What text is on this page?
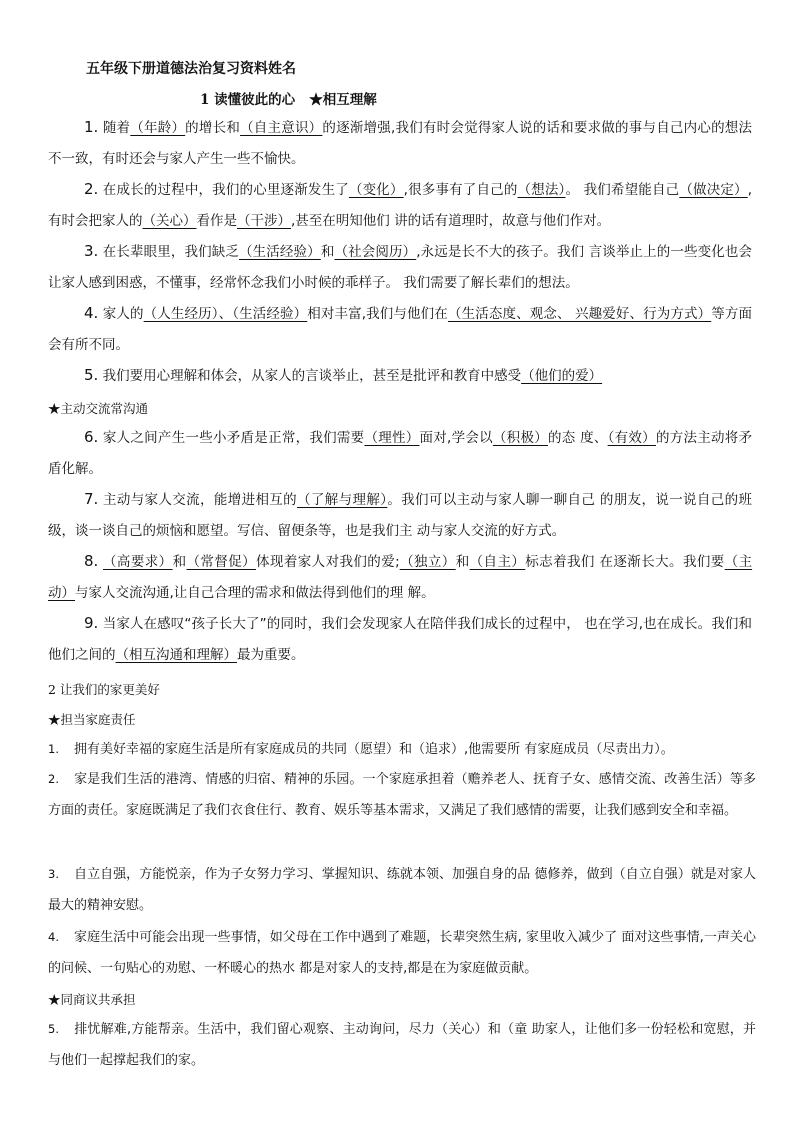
五年级下册道德法治复习资料姓名
1 读懂彼此的心 ★相互理解
1. 随着（年龄）的增长和（自主意识）的逐渐增强,我们有时会觉得家人说的话和要求做的事与自己内心的想法不一致，有时还会与家人产生一些不愉快。
2. 在成长的过程中，我们的心里逐渐发生了（变化）,很多事有了自己的（想法）。 我们希望能自己（做决定）,有时会把家人的（关心）看作是（干涉）,甚至在明知他们 讲的话有道理时，故意与他们作对。
3. 在长辈眼里，我们缺乏（生活经验）和（社会阅历）,永远是长不大的孩子。我们 言谈举止上的一些变化也会让家人感到困惑，不懂事，经常怀念我们小时候的乖样子。 我们需要了解长辈们的想法。
4. 家人的（人生经历）、（生活经验）相对丰富,我们与他们在（生活态度、观念、 兴趣爱好、行为方式）等方面会有所不同。
5. 我们要用心理解和体会，从家人的言谈举止，甚至是批评和教育中感受（他们的爱）
★主动交流常沟通
6. 家人之间产生一些小矛盾是正常，我们需要（理性）面对,学会以（积极）的态 度、（有效）的方法主动将矛盾化解。
7. 主动与家人交流，能增进相互的（了解与理解）。我们可以主动与家人聊一聊自己 的朋友，说一说自己的班级，谈一谈自己的烦恼和愿望。写信、留便条等，也是我们主 动与家人交流的好方式。
8. （高要求）和（常督促）体现着家人对我们的爱;（独立）和（自主）标志着我们 在逐渐长大。我们要（主动）与家人交流沟通,让自己合理的需求和做法得到他们的理 解。
9. 当家人在感叹“孩子长大了”的同时，我们会发现家人在陪伴我们成长的过程中， 也在学习,也在成长。我们和他们之间的（相互沟通和理解）最为重要。
2 让我们的家更美好
★担当家庭责任
1. 拥有美好幸福的家庭生活是所有家庭成员的共同（愿望）和（追求）,他需要所 有家庭成员（尽责出力）。
2. 家是我们生活的港湾、情感的归宿、精神的乐园。一个家庭承担着（赡养老人、抚育子女、感情交流、改善生活）等多方面的责任。家庭既满足了我们衣食住行、教育、娱乐等基本需求，又满足了我们感情的需要，让我们感到安全和幸福。
3. 自立自强，方能悦亲，作为子女努力学习、掌握知识、练就本领、加强自身的品 德修养，做到（自立自强）就是对家人最大的精神安慰。
4. 家庭生活中可能会出现一些事情，如父母在工作中遇到了难题，长辈突然生病, 家里收入减少了 面对这些事情,一声关心的问候、一句贴心的劝慰、一杯暖心的热水 都是对家人的支持,都是在为家庭做贡献。
★同商议共承担
5. 排忧解难,方能帮亲。生活中，我们留心观察、主动询问，尽力（关心）和（童 助家人，让他们多一份轻松和宽慰，并与他们一起撑起我们的家。
